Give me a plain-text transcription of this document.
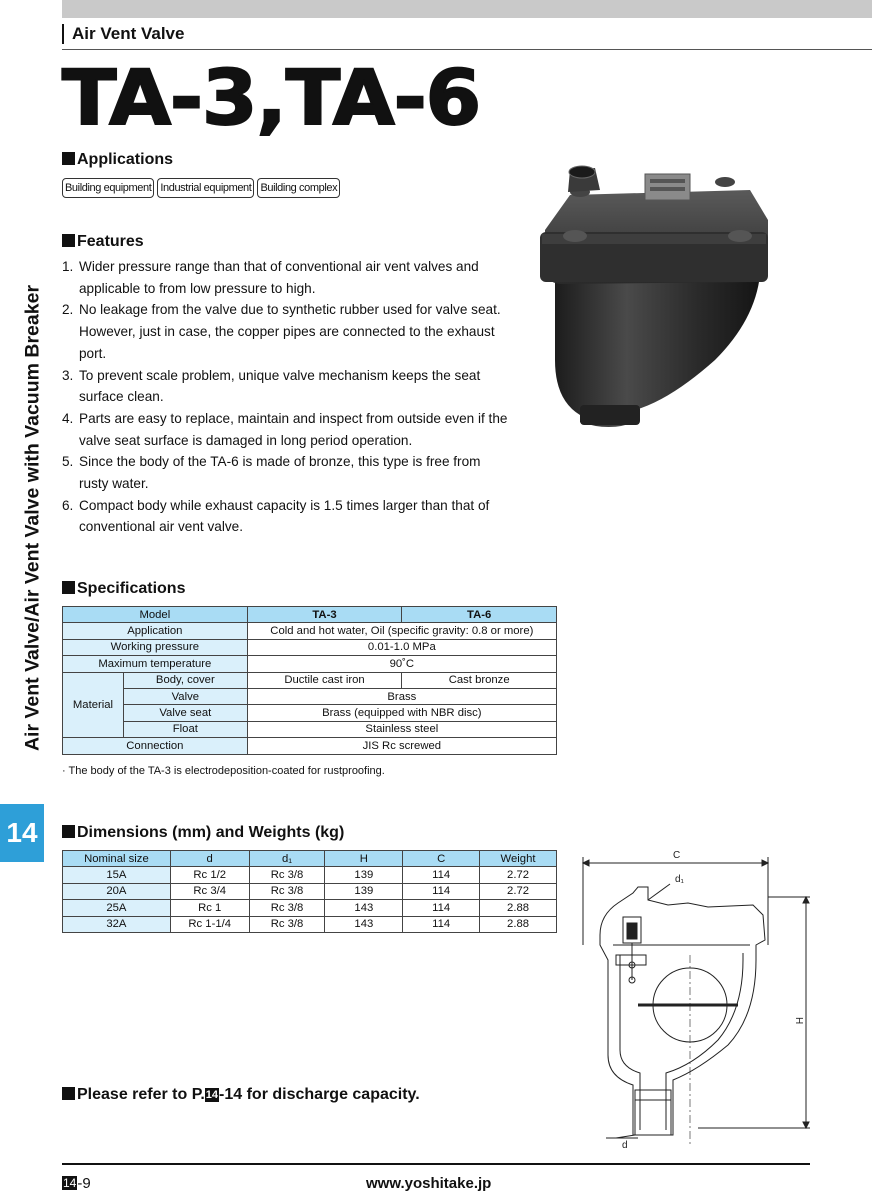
Air Vent Valve
TA-3,TA-6
Air Vent Valve/Air Vent Valve with Vacuum Breaker
14
Applications
Building equipment Industrial equipment Building complex
Features
1. Wider pressure range than that of conventional air vent valves and applicable to from low pressure to high.
2. No leakage from the valve due to synthetic rubber used for valve seat. However, just in case, the copper pipes are connected to the exhaust port.
3. To prevent scale problem, unique valve mechanism keeps the seat surface clean.
4. Parts are easy to replace, maintain and inspect from outside even if the valve seat surface is damaged in long period operation.
5. Since the body of the TA-6 is made of bronze, this type is free from rusty water.
6. Compact body while exhaust capacity is 1.5 times larger than that of conventional air vent valve.
Specifications
Model		TA-3	TA-6
Application		Cold and hot water, Oil (specific gravity: 0.8 or more)	
Working pressure		0.01-1.0 MPa	
Maximum temperature		90˚C	
Material	Body, cover	Ductile cast iron	Cast bronze
	Valve	Brass	
	Valve seat	Brass (equipped with NBR disc)	
	Float	Stainless steel	
Connection		JIS Rc screwed	
· The body of the TA-3 is electrodeposition-coated for rustproofing.
Dimensions (mm) and Weights (kg)
Nominal size	d	d₁	H	C	Weight
15A	Rc 1/2	Rc 3/8	139	114	2.72
20A	Rc 3/4	Rc 3/8	139	114	2.72
25A	Rc 1	Rc 3/8	143	114	2.88
32A	Rc 1-1/4	Rc 3/8	143	114	2.88
C
d₁
H
d
Please refer to P.14-14 for discharge capacity.
14-9	www.yoshitake.jp
